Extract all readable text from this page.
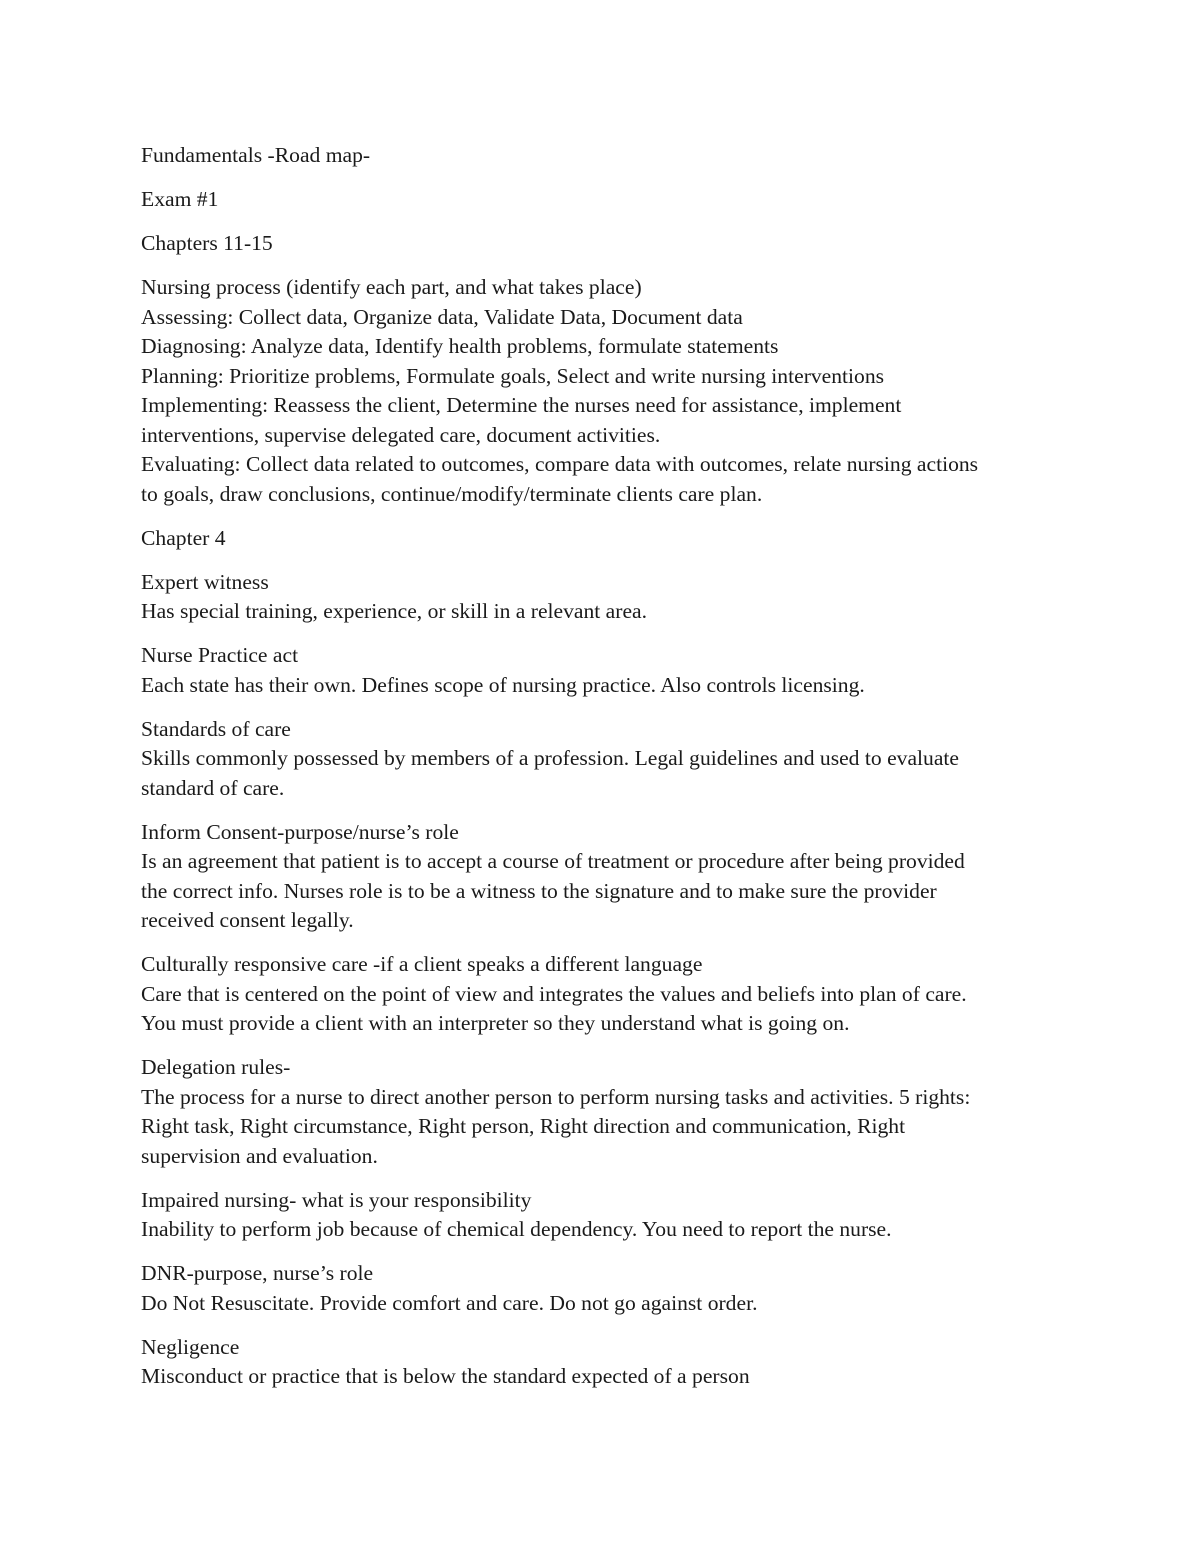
Fundamentals -Road map-

Exam #1

Chapters 11-15

Nursing process (identify each part, and what takes place)
Assessing: Collect data, Organize data, Validate Data, Document data
Diagnosing: Analyze data, Identify health problems, formulate statements
Planning: Prioritize problems, Formulate goals, Select and write nursing interventions
Implementing: Reassess the client, Determine the nurses need for assistance, implement
interventions, supervise delegated care, document activities.
Evaluating: Collect data related to outcomes, compare data with outcomes, relate nursing actions
to goals, draw conclusions, continue/modify/terminate clients care plan.

Chapter 4

Expert witness
Has special training, experience, or skill in a relevant area.

Nurse Practice act
Each state has their own. Defines scope of nursing practice. Also controls licensing.

Standards of care
Skills commonly possessed by members of a profession. Legal guidelines and used to evaluate
standard of care.

Inform Consent-purpose/nurse’s role
Is an agreement that patient is to accept a course of treatment or procedure after being provided
the correct info. Nurses role is to be a witness to the signature and to make sure the provider
received consent legally.

Culturally responsive care -if a client speaks a different language
Care that is centered on the point of view and integrates the values and beliefs into plan of care.
You must provide a client with an interpreter so they understand what is going on.

Delegation rules-
The process for a nurse to direct another person to perform nursing tasks and activities. 5 rights:
Right task, Right circumstance, Right person, Right direction and communication, Right
supervision and evaluation.

Impaired nursing- what is your responsibility
Inability to perform job because of chemical dependency. You need to report the nurse.

DNR-purpose, nurse’s role
Do Not Resuscitate. Provide comfort and care. Do not go against order.

Negligence
Misconduct or practice that is below the standard expected of a person
